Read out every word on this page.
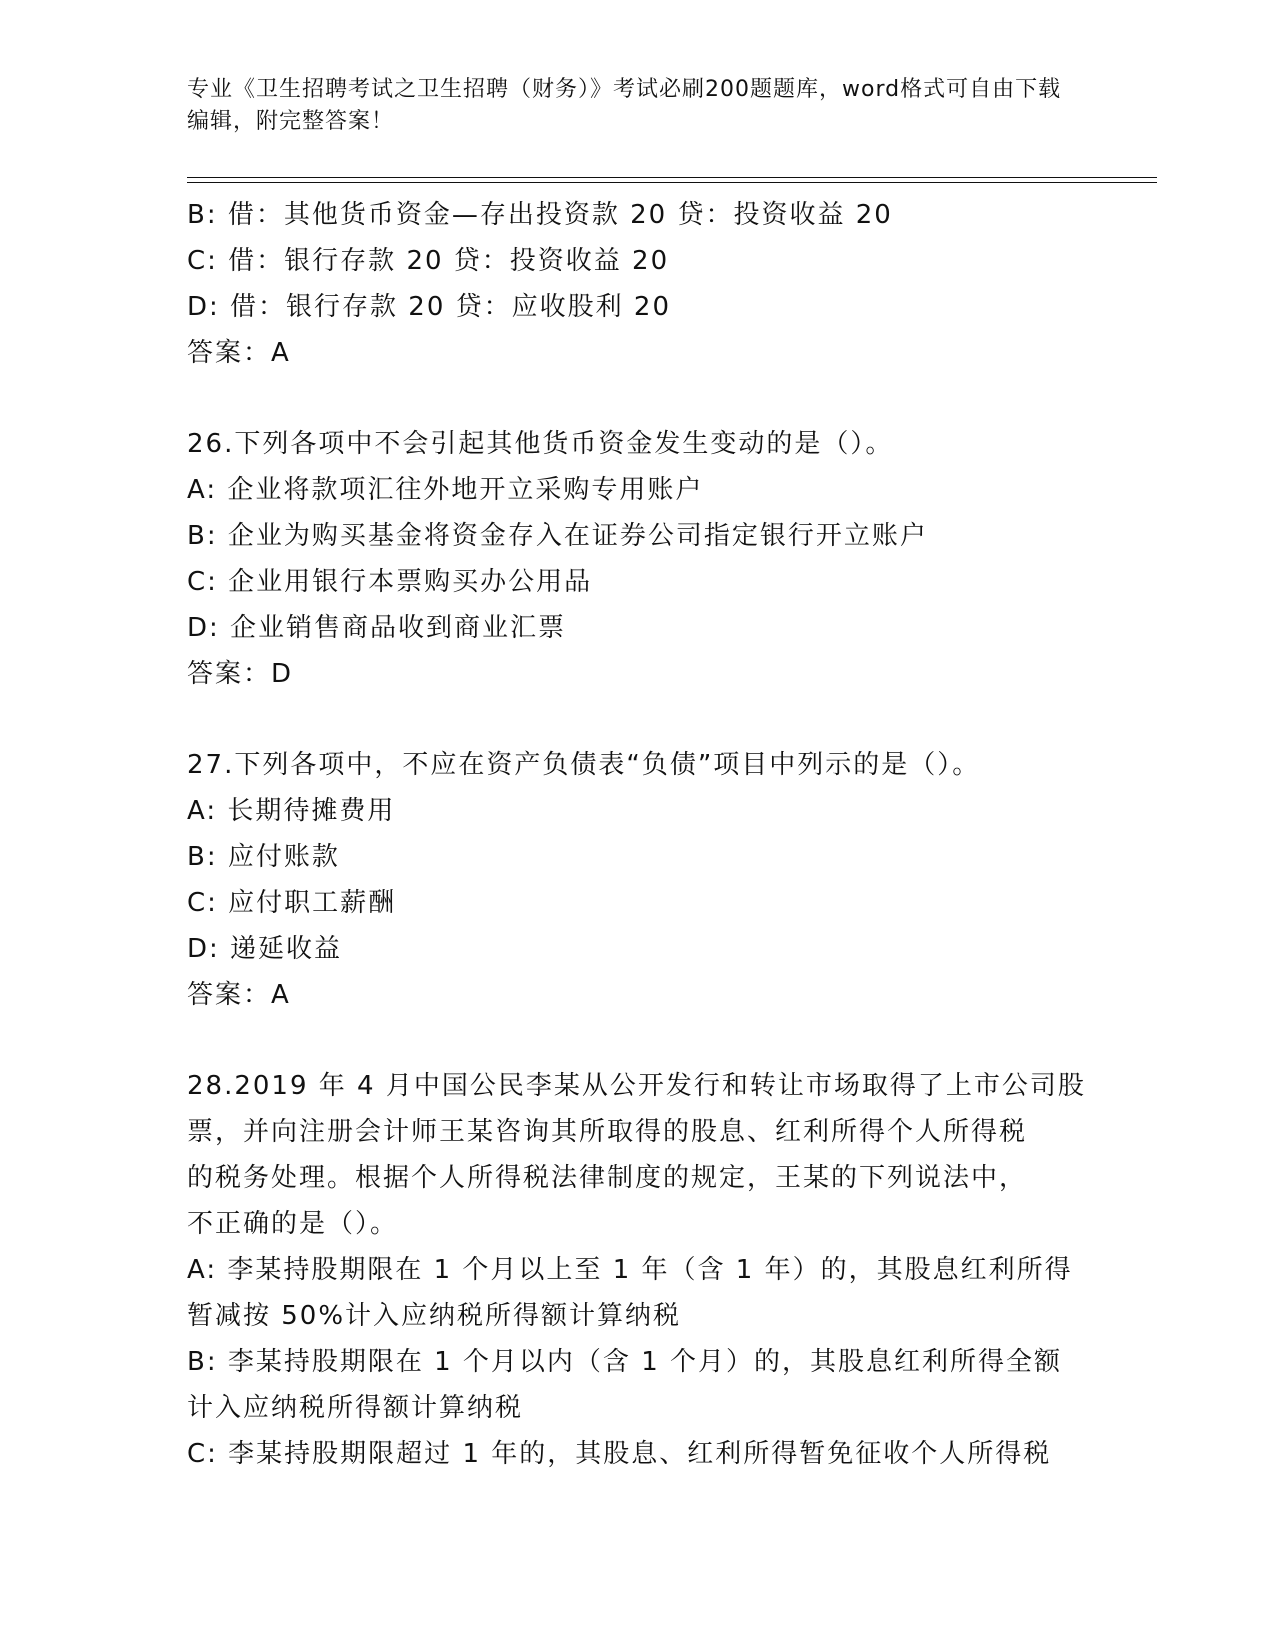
专业《卫生招聘考试之卫生招聘（财务）》考试必刷200题题库，word格式可自由下载编辑，附完整答案！
B: 借：其他货币资金—存出投资款 20 贷：投资收益 20
C: 借：银行存款 20 贷：投资收益 20
D: 借：银行存款 20 贷：应收股利 20
答案：A
26.下列各项中不会引起其他货币资金发生变动的是（）。
A: 企业将款项汇往外地开立采购专用账户
B: 企业为购买基金将资金存入在证券公司指定银行开立账户
C: 企业用银行本票购买办公用品
D: 企业销售商品收到商业汇票
答案：D
27.下列各项中，不应在资产负债表“负债”项目中列示的是（）。
A: 长期待摊费用
B: 应付账款
C: 应付职工薪酬
D: 递延收益
答案：A
28.2019 年 4 月中国公民李某从公开发行和转让市场取得了上市公司股
票，并向注册会计师王某咨询其所取得的股息、红利所得个人所得税
的税务处理。根据个人所得税法律制度的规定，王某的下列说法中，
不正确的是（）。
A: 李某持股期限在 1 个月以上至 1 年（含 1 年）的，其股息红利所得
暂减按 50%计入应纳税所得额计算纳税
B: 李某持股期限在 1 个月以内（含 1 个月）的，其股息红利所得全额
计入应纳税所得额计算纳税
C: 李某持股期限超过 1 年的，其股息、红利所得暂免征收个人所得税
